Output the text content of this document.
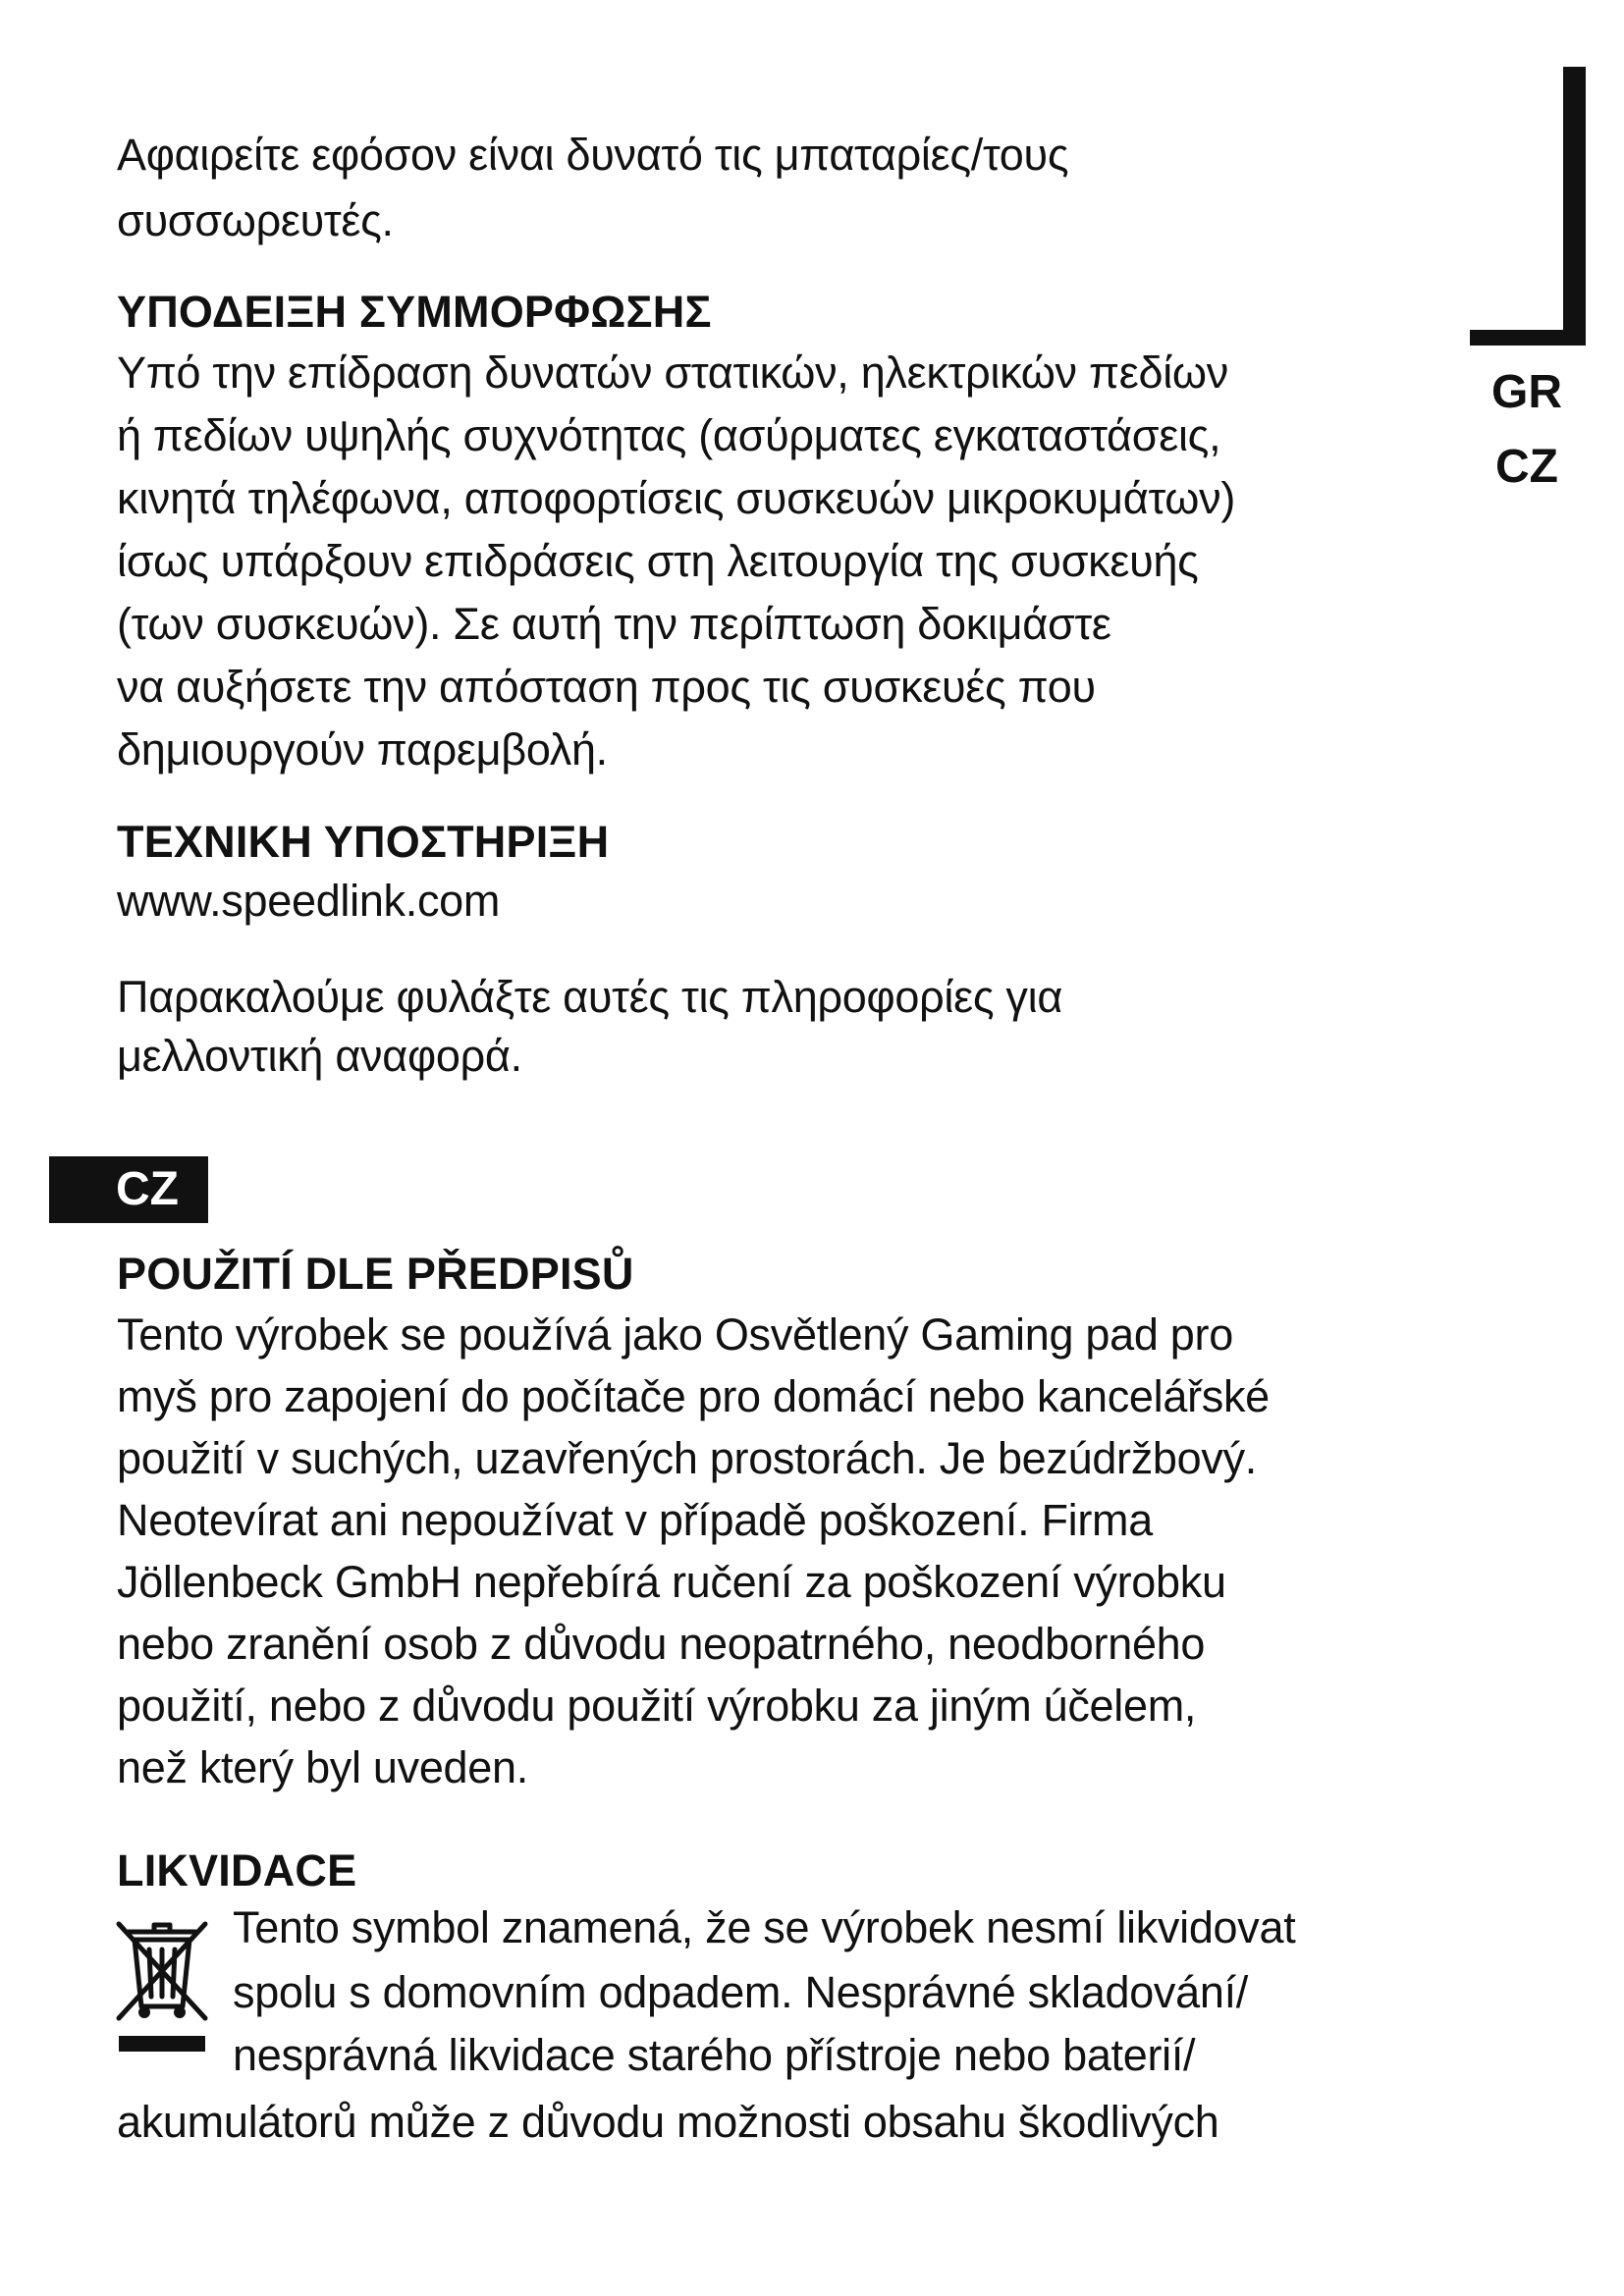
GR
CZ
Αφαιρείτε εφόσον είναι δυνατό τις μπαταρίες/τους
συσσωρευτές.
ΥΠΟΔΕΙΞΗ ΣΥΜΜΟΡΦΩΣΗΣ
Υπό την επίδραση δυνατών στατικών, ηλεκτρικών πεδίων
ή πεδίων υψηλής συχνότητας (ασύρματες εγκαταστάσεις,
κινητά τηλέφωνα, αποφορτίσεις συσκευών μικροκυμάτων)
ίσως υπάρξουν επιδράσεις στη λειτουργία της συσκευής
(των συσκευών). Σε αυτή την περίπτωση δοκιμάστε
να αυξήσετε την απόσταση προς τις συσκευές που
δημιουργούν παρεμβολή.
ΤΕΧΝΙΚΗ ΥΠΟΣΤΗΡΙΞΗ
www.speedlink.com
Παρακαλούμε φυλάξτε αυτές τις πληροφορίες για
μελλοντική αναφορά.
CZ
POUŽITÍ DLE PŘEDPISŮ
Tento výrobek se používá jako Osvětlený Gaming pad pro
myš pro zapojení do počítače pro domácí nebo kancelářské
použití v suchých, uzavřených prostorách. Je bezúdržbový.
Neotevírat ani nepoužívat v případě poškození. Firma
Jöllenbeck GmbH nepřebírá ručení za poškození výrobku
nebo zranění osob z důvodu neopatrného, neodborného
použití, nebo z důvodu použití výrobku za jiným účelem,
než který byl uveden.
LIKVIDACE
Tento symbol znamená, že se výrobek nesmí likvidovat
spolu s domovním odpadem. Nesprávné skladování/
nesprávná likvidace starého přístroje nebo baterií/
akumulátorů může z důvodu možnosti obsahu škodlivých
